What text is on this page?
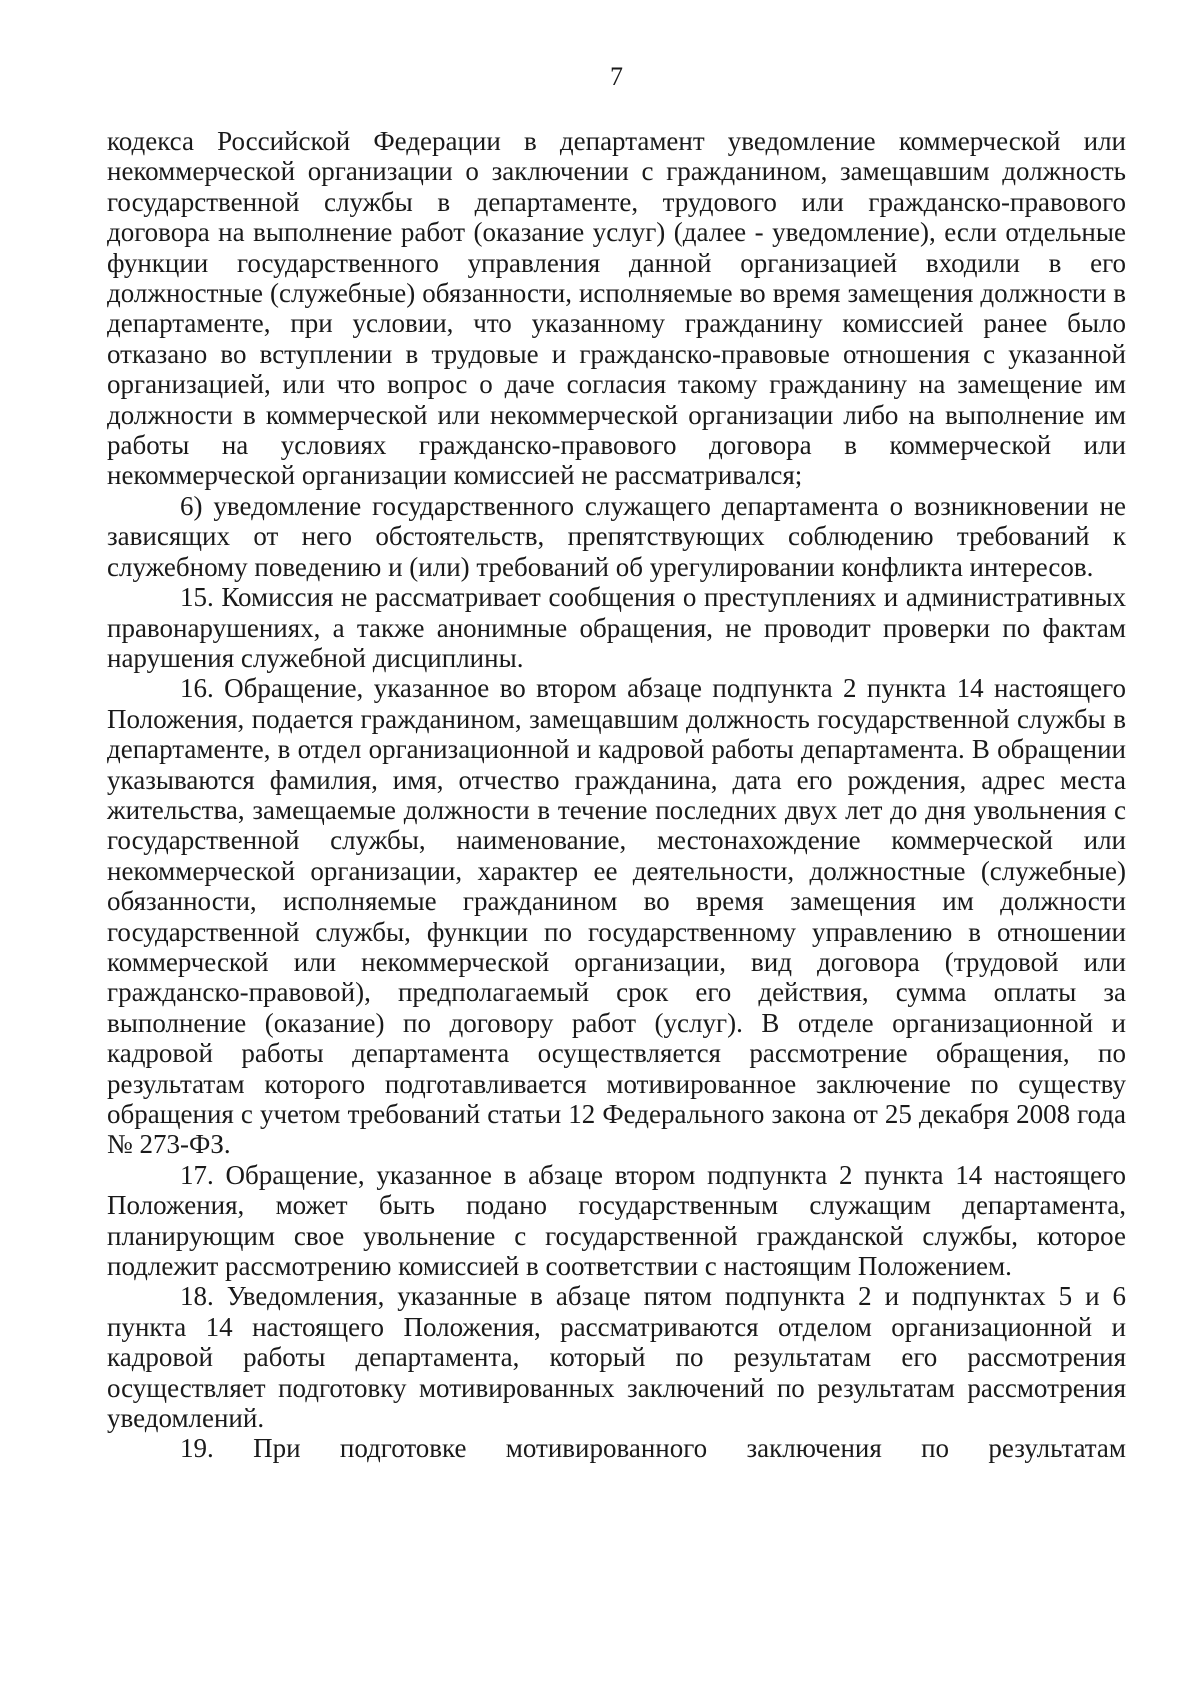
7

кодекса Российской Федерации в департамент уведомление коммерческой или некоммерческой организации о заключении с гражданином, замещавшим должность государственной службы в департаменте, трудового или гражданско-правового договора на выполнение работ (оказание услуг) (далее - уведомление), если отдельные функции государственного управления данной организацией входили в его должностные (служебные) обязанности, исполняемые во время замещения должности в департаменте, при условии, что указанному гражданину комиссией ранее было отказано во вступлении в трудовые и гражданско-правовые отношения с указанной организацией, или что вопрос о даче согласия такому гражданину на замещение им должности в коммерческой или некоммерческой организации либо на выполнение им работы на условиях гражданско-правового договора в коммерческой или некоммерческой организации комиссией не рассматривался;

6) уведомление государственного служащего департамента о возникновении не зависящих от него обстоятельств, препятствующих соблюдению требований к служебному поведению и (или) требований об урегулировании конфликта интересов.

15. Комиссия не рассматривает сообщения о преступлениях и административных правонарушениях, а также анонимные обращения, не проводит проверки по фактам нарушения служебной дисциплины.

16. Обращение, указанное во втором абзаце подпункта 2 пункта 14 настоящего Положения, подается гражданином, замещавшим должность государственной службы в департаменте, в отдел организационной и кадровой работы департамента. В обращении указываются фамилия, имя, отчество гражданина, дата его рождения, адрес места жительства, замещаемые должности в течение последних двух лет до дня увольнения с государственной службы, наименование, местонахождение коммерческой или некоммерческой организации, характер ее деятельности, должностные (служебные) обязанности, исполняемые гражданином во время замещения им должности государственной службы, функции по государственному управлению в отношении коммерческой или некоммерческой организации, вид договора (трудовой или гражданско-правовой), предполагаемый срок его действия, сумма оплаты за выполнение (оказание) по договору работ (услуг). В отделе организационной и кадровой работы департамента осуществляется рассмотрение обращения, по результатам которого подготавливается мотивированное заключение по существу обращения с учетом требований статьи 12 Федерального закона от 25 декабря 2008 года № 273-ФЗ.

17. Обращение, указанное в абзаце втором подпункта 2 пункта 14 настоящего Положения, может быть подано государственным служащим департамента, планирующим свое увольнение с государственной гражданской службы, которое подлежит рассмотрению комиссией в соответствии с настоящим Положением.

18. Уведомления, указанные в абзаце пятом подпункта 2 и подпунктах 5 и 6 пункта 14 настоящего Положения, рассматриваются отделом организационной и кадровой работы департамента, который по результатам его рассмотрения осуществляет подготовку мотивированных заключений по результатам рассмотрения уведомлений.

19. При подготовке мотивированного заключения по результатам
